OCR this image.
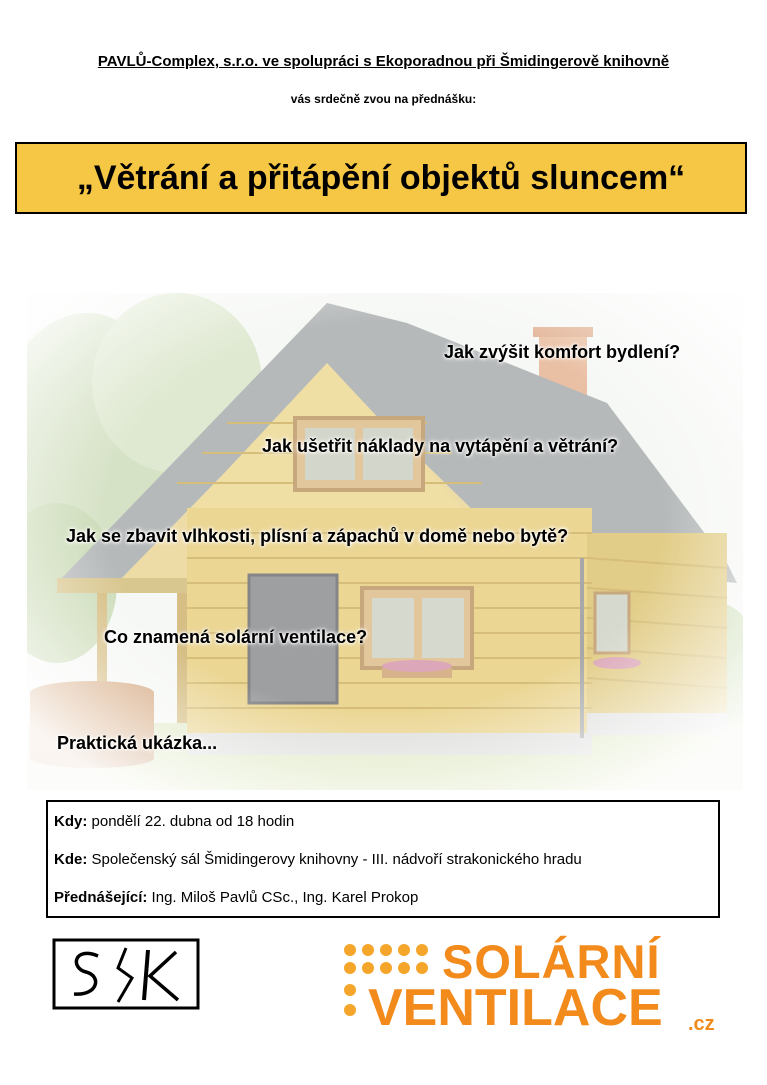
PAVLŮ-Complex, s.r.o. ve spolupráci s Ekoporadnou při Šmidingerově knihovně
vás srdečně zvou na přednášku:
„Větrání a přitápění objektů sluncem“
Jak zvýšit komfort bydlení?
Jak ušetřit náklady na vytápění a větrání?
Jak se zbavit vlhkosti, plísní a zápachů v domě nebo bytě?
Co znamená solární ventilace?
Praktická ukázka...
Kdy: pondělí 22. dubna od 18 hodin
Kde: Společenský sál Šmidingerovy knihovny - III. nádvoří strakonického hradu
Přednášející: Ing. Miloš Pavlů CSc., Ing. Karel Prokop
SOLÁRNÍ
VENTILACE .cz
